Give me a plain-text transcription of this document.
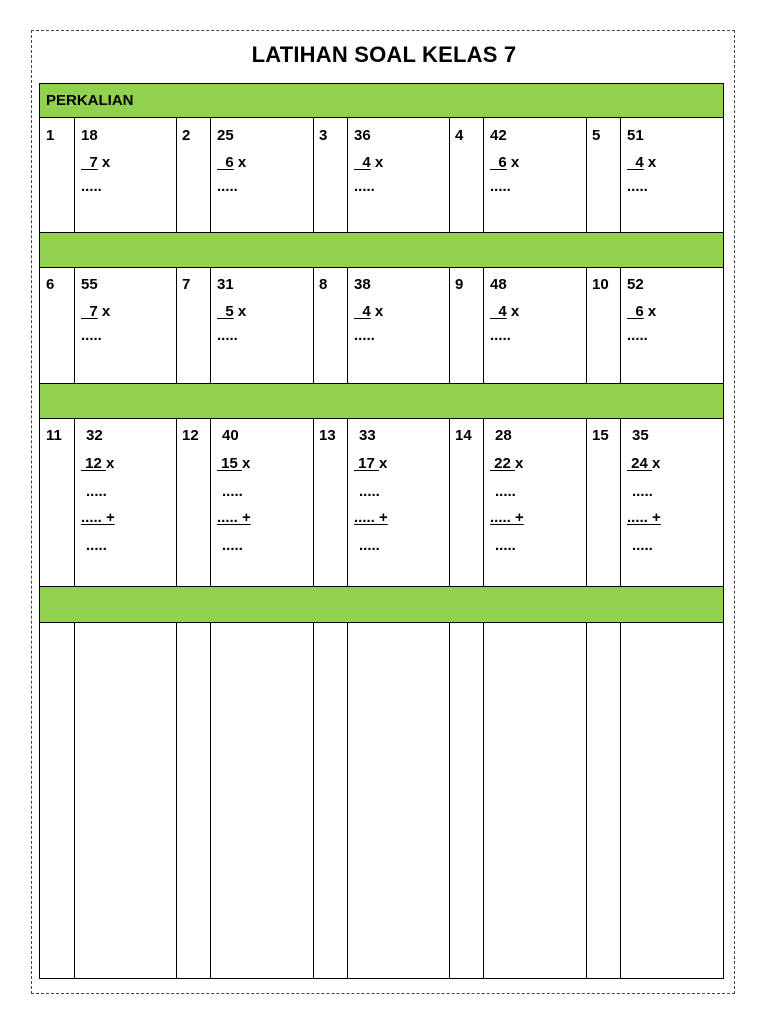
LATIHAN SOAL KELAS 7
PERKALIAN
1 18
7 x
.....
2 25
6 x
.....
3 36
4 x
.....
4 42
6 x
.....
5 51
4 x
.....
6 55
7 x
.....
7 31
5 x
.....
8 38
4 x
.....
9 48
4 x
.....
10 52
6 x
.....
11 32
12 x
.....
..... +
.....
12 40
15 x
.....
..... +
.....
13 33
17 x
.....
..... +
.....
14 28
22 x
.....
..... +
.....
15 35
24 x
.....
..... +
.....
